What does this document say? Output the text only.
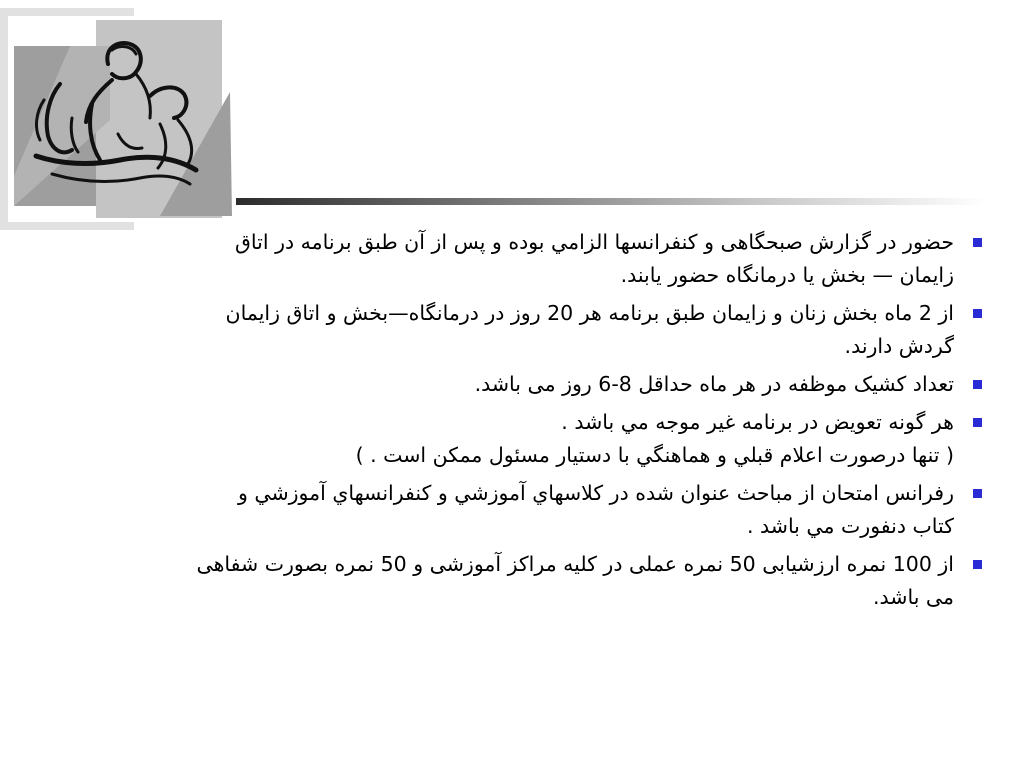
حضور در گزارش صبحگاهی و کنفرانسها الزامي بوده و پس از آن طبق برنامه در اتاق
زایمان — بخش یا درمانگاه حضور یابند.
از 2 ماه بخش زنان و زایمان طبق برنامه هر 20 روز در درمانگاه—بخش و اتاق زایمان
گردش دارند.
تعداد کشیک موظفه در هر ماه حداقل 8-6 روز می باشد.
هر گونه تعويض در برنامه غير موجه مي باشد .
( تنها درصورت اعلام قبلي و هماهنگي با دستيار مسئول ممکن است . )
رفرانس امتحان از مباحث عنوان شده در کلاسهاي آموزشي و کنفرانسهاي آموزشي و
کتاب دنفورت مي باشد .
از 100 نمره ارزشیابی 50 نمره عملی در کلیه مراکز آموزشی و 50 نمره بصورت شفاهی
می باشد.
